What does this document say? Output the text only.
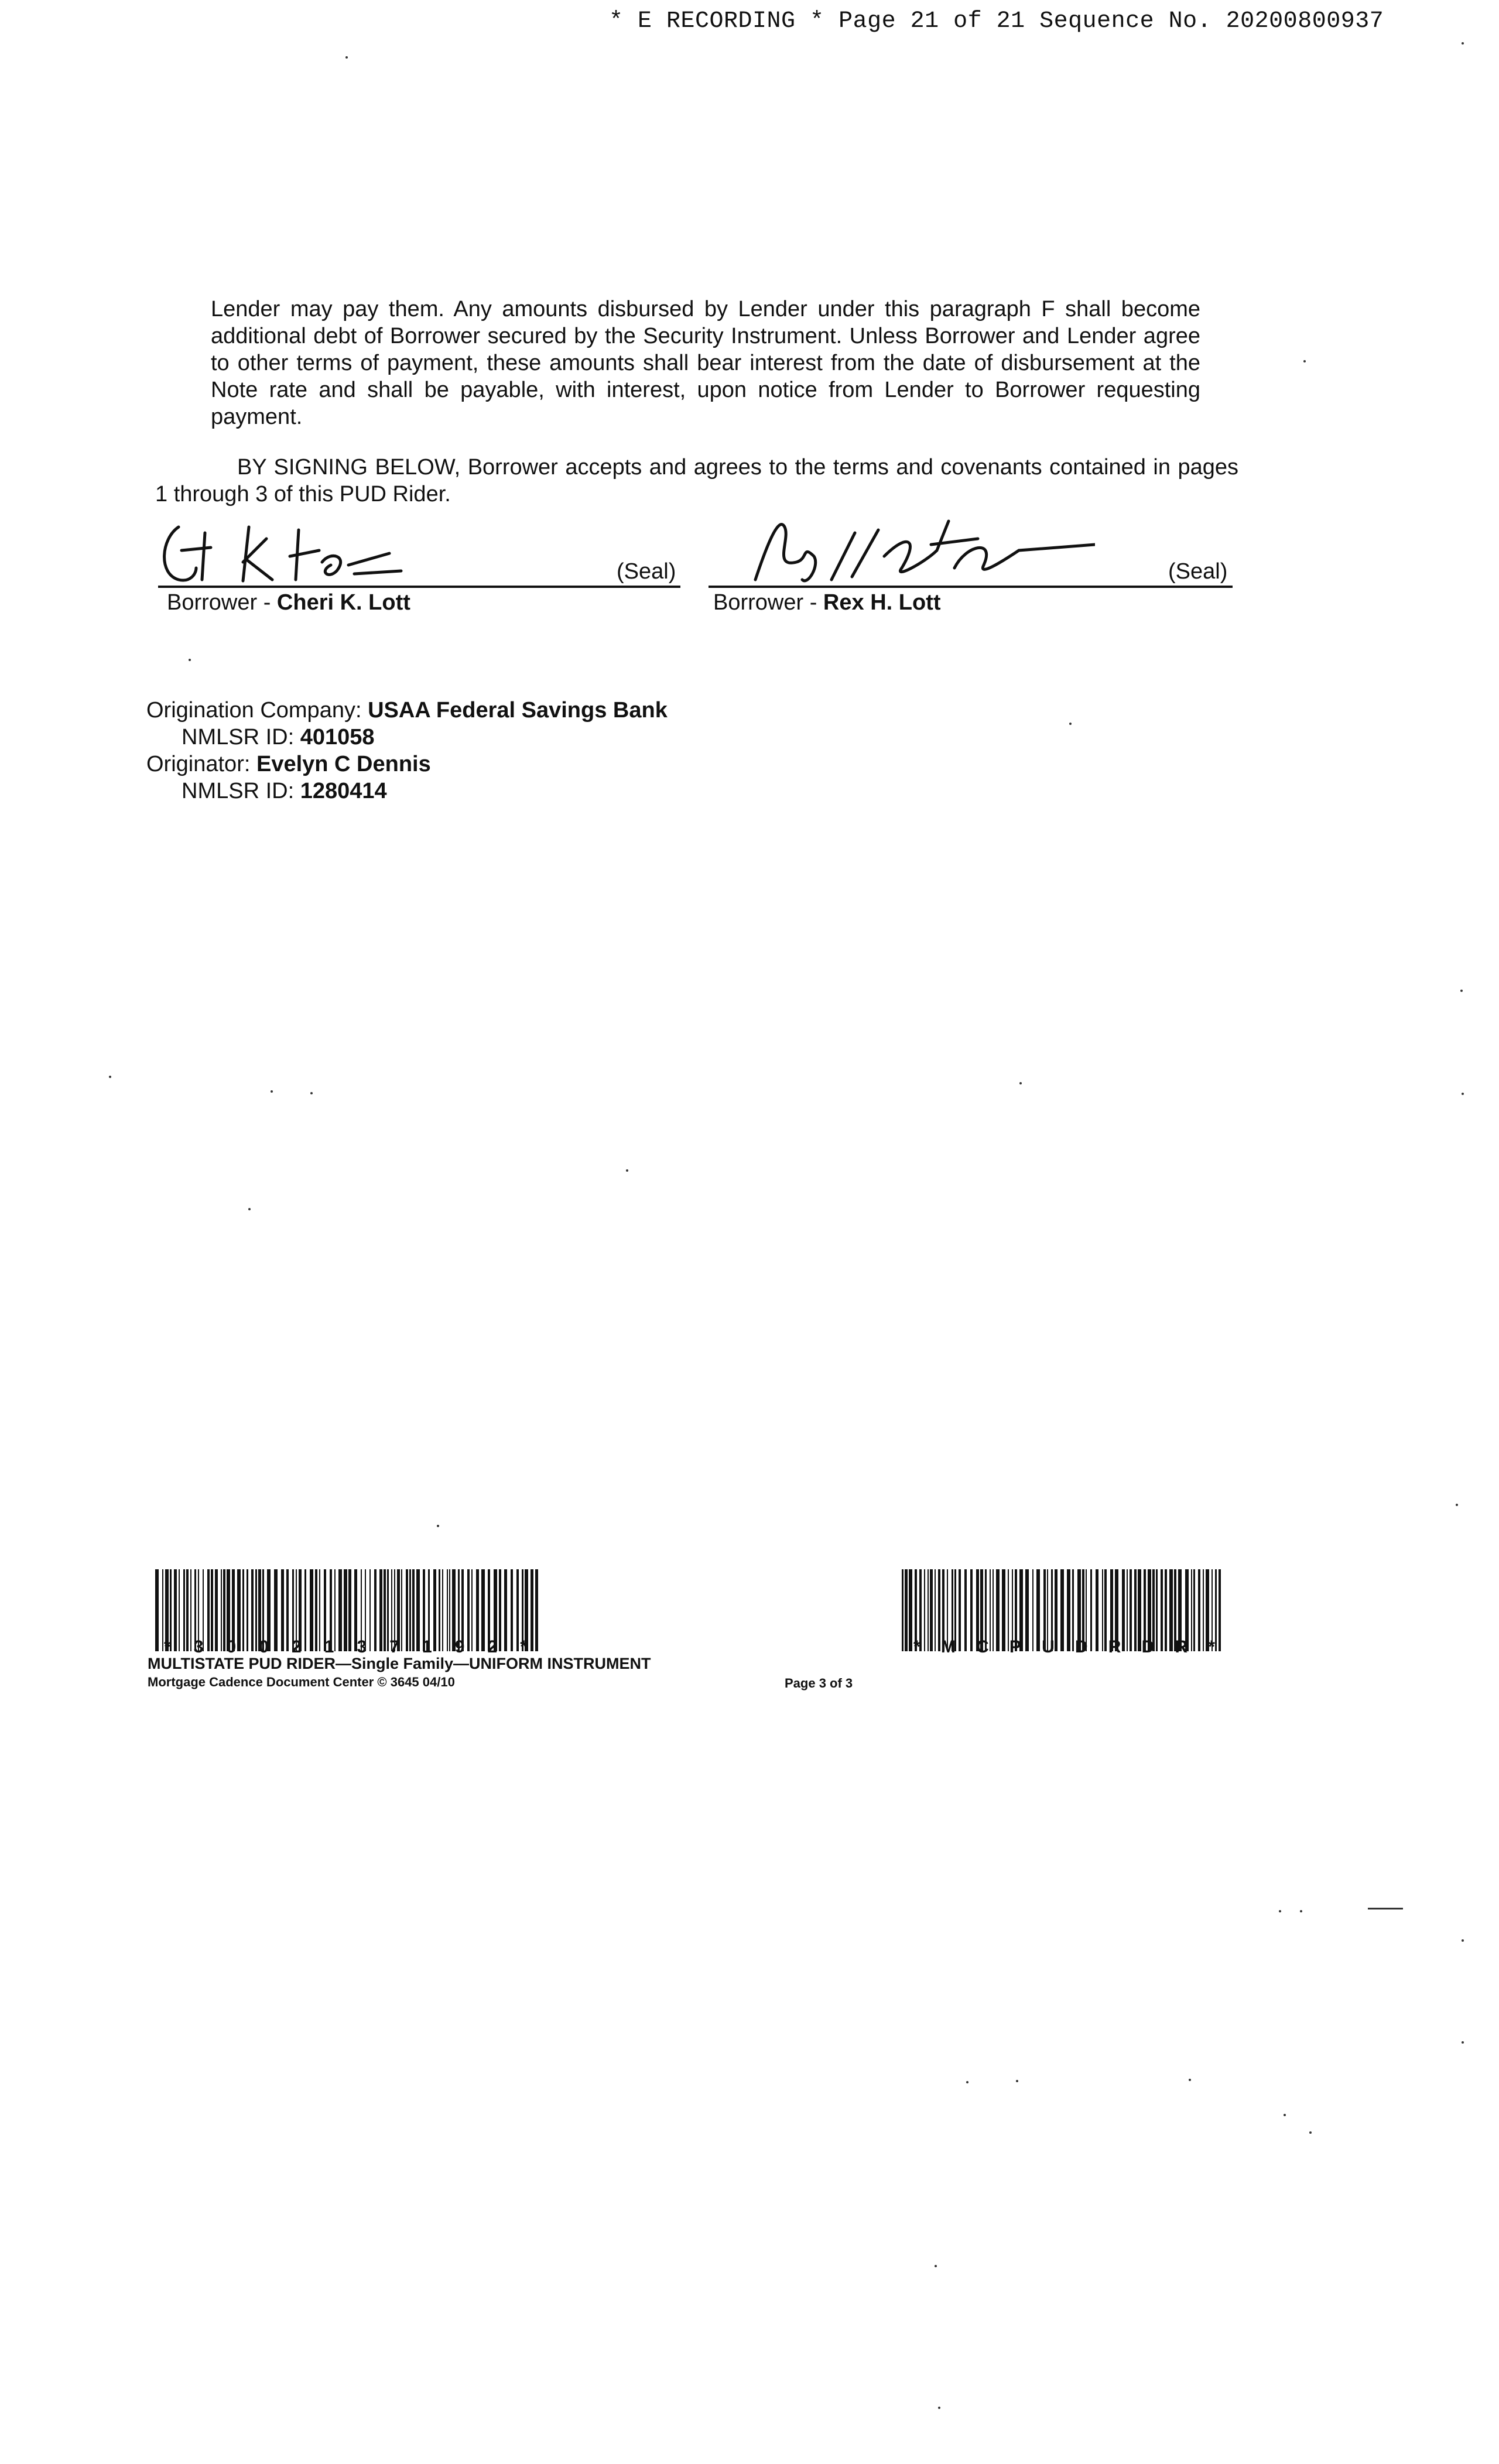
* E RECORDING * Page 21 of 21 Sequence No. 20200800937
Lender may pay them. Any amounts disbursed by Lender under this paragraph F shall become additional debt of Borrower secured by the Security Instrument. Unless Borrower and Lender agree to other terms of payment, these amounts shall bear interest from the date of disbursement at the Note rate and shall be payable, with interest, upon notice from Lender to Borrower requesting payment.
BY SIGNING BELOW, Borrower accepts and agrees to the terms and covenants contained in pages 1 through 3 of this PUD Rider.
(Seal)
Borrower - Cheri K. Lott
(Seal)
Borrower - Rex H. Lott
Origination Company: USAA Federal Savings Bank
NMLSR ID: 401058
Originator: Evelyn C Dennis
NMLSR ID: 1280414
* 3 0 0 2 1 3 7 1 9 2 *	* M C P U D R D R *
MULTISTATE PUD RIDER—Single Family—UNIFORM INSTRUMENT
Mortgage Cadence Document Center © 3645 04/10	Page 3 of 3
